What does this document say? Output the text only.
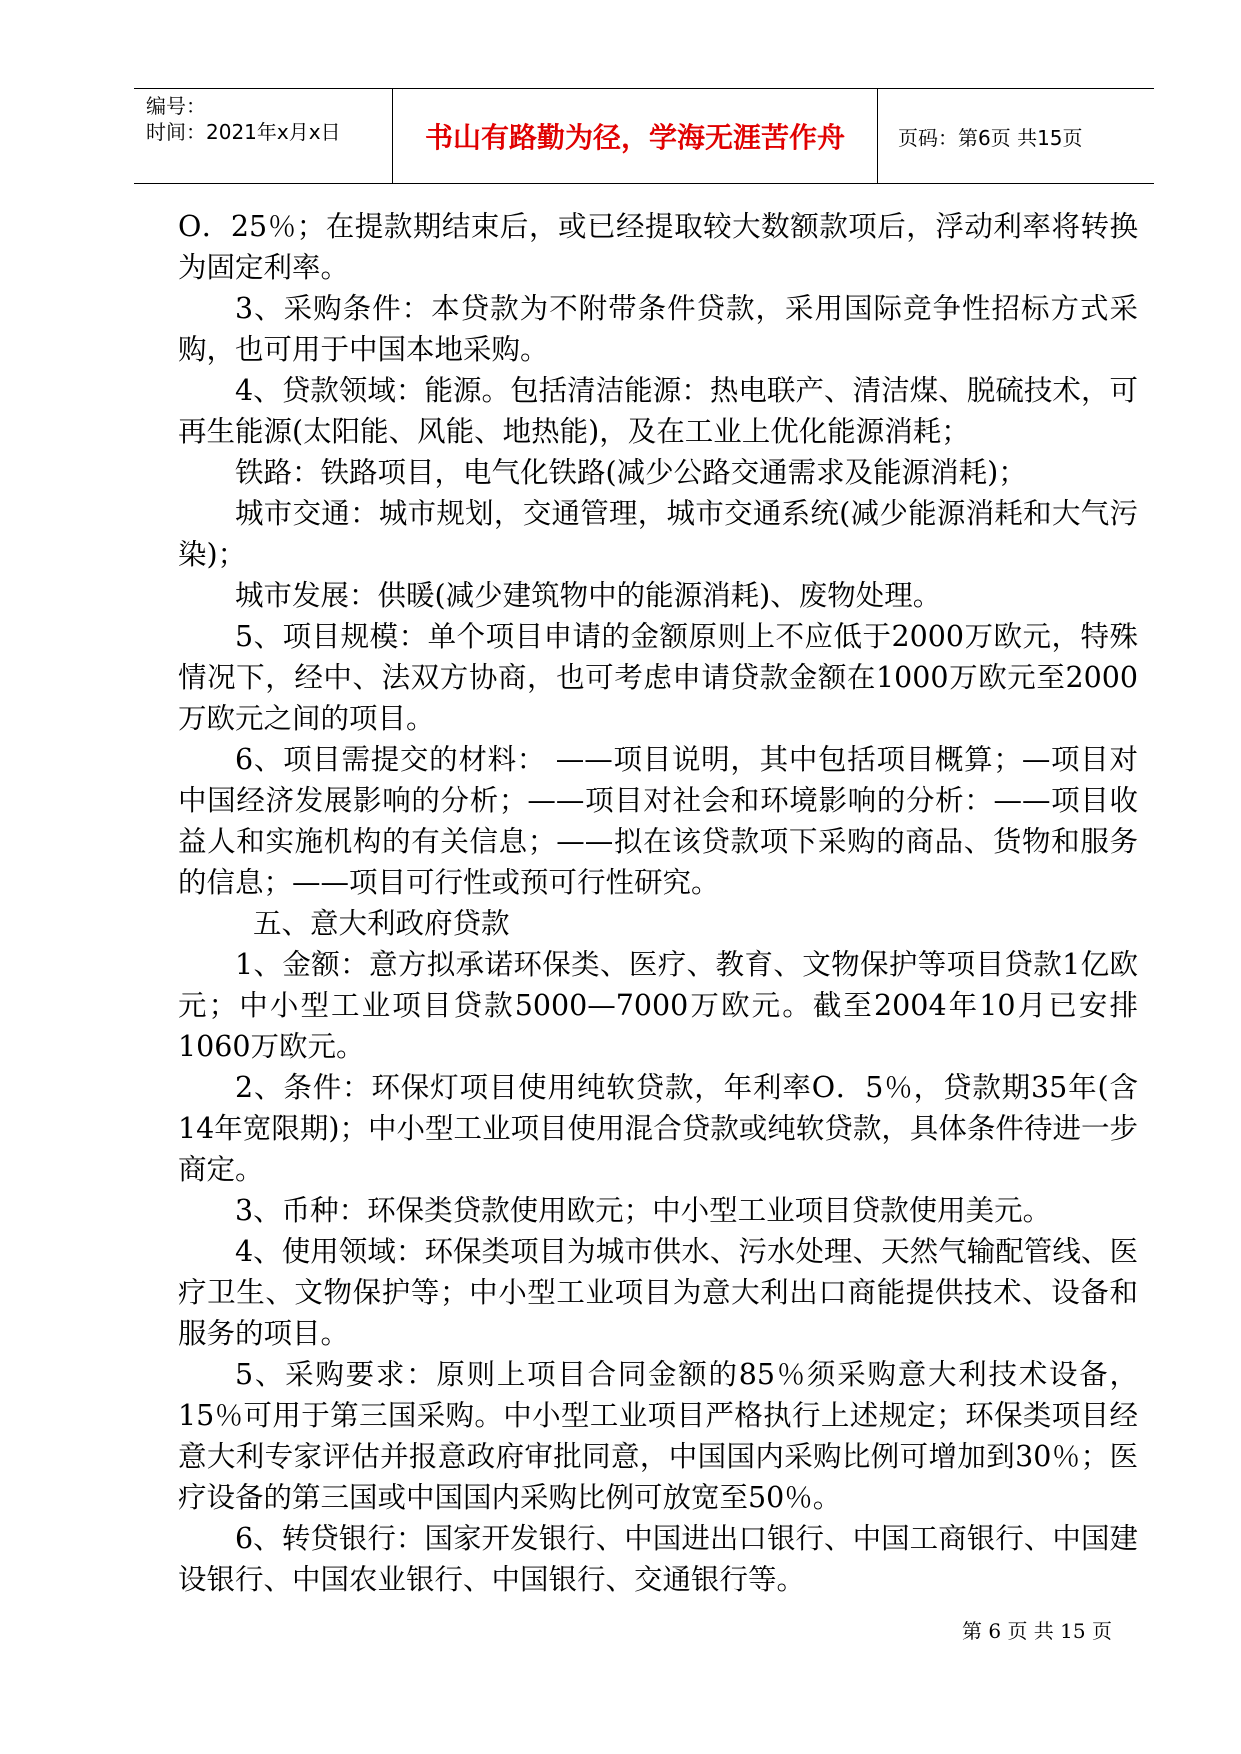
编号：
时间：2021年x月x日	书山有路勤为径，学海无涯苦作舟	页码：第6页 共15页

O．25％；在提款期结束后，或已经提取较大数额款项后，浮动利率将转换为固定利率。

3、采购条件：本贷款为不附带条件贷款，采用国际竞争性招标方式采购，也可用于中国本地采购。

4、贷款领域：能源。包括清洁能源：热电联产、清洁煤、脱硫技术，可再生能源(太阳能、风能、地热能)，及在工业上优化能源消耗；

铁路：铁路项目，电气化铁路(减少公路交通需求及能源消耗)；

城市交通：城市规划，交通管理，城市交通系统(减少能源消耗和大气污染)；

城市发展：供暖(减少建筑物中的能源消耗)、废物处理。

5、项目规模：单个项目申请的金额原则上不应低于2000万欧元，特殊情况下，经中、法双方协商，也可考虑申请贷款金额在1000万欧元至2000万欧元之间的项目。

6、项目需提交的材料： ——项目说明，其中包括项目概算；—项目对中国经济发展影响的分析；——项目对社会和环境影响的分析：——项目收益人和实施机构的有关信息；——拟在该贷款项下采购的商品、货物和服务的信息；——项目可行性或预可行性研究。

五、意大利政府贷款

1、金额：意方拟承诺环保类、医疗、教育、文物保护等项目贷款1亿欧元；中小型工业项目贷款5000—7000万欧元。截至2004年10月已安排1060万欧元。

2、条件：环保灯项目使用纯软贷款，年利率O．5％，贷款期35年(含14年宽限期)；中小型工业项目使用混合贷款或纯软贷款，具体条件待进一步商定。

3、币种：环保类贷款使用欧元；中小型工业项目贷款使用美元。

4、使用领域：环保类项目为城市供水、污水处理、天然气输配管线、医疗卫生、文物保护等；中小型工业项目为意大利出口商能提供技术、设备和服务的项目。

5、采购要求：原则上项目合同金额的85％须采购意大利技术设备，15％可用于第三国采购。中小型工业项目严格执行上述规定；环保类项目经意大利专家评估并报意政府审批同意，中国国内采购比例可增加到30％；医疗设备的第三国或中国国内采购比例可放宽至50％。

6、转贷银行：国家开发银行、中国进出口银行、中国工商银行、中国建设银行、中国农业银行、中国银行、交通银行等。

第 6 页 共 15 页
